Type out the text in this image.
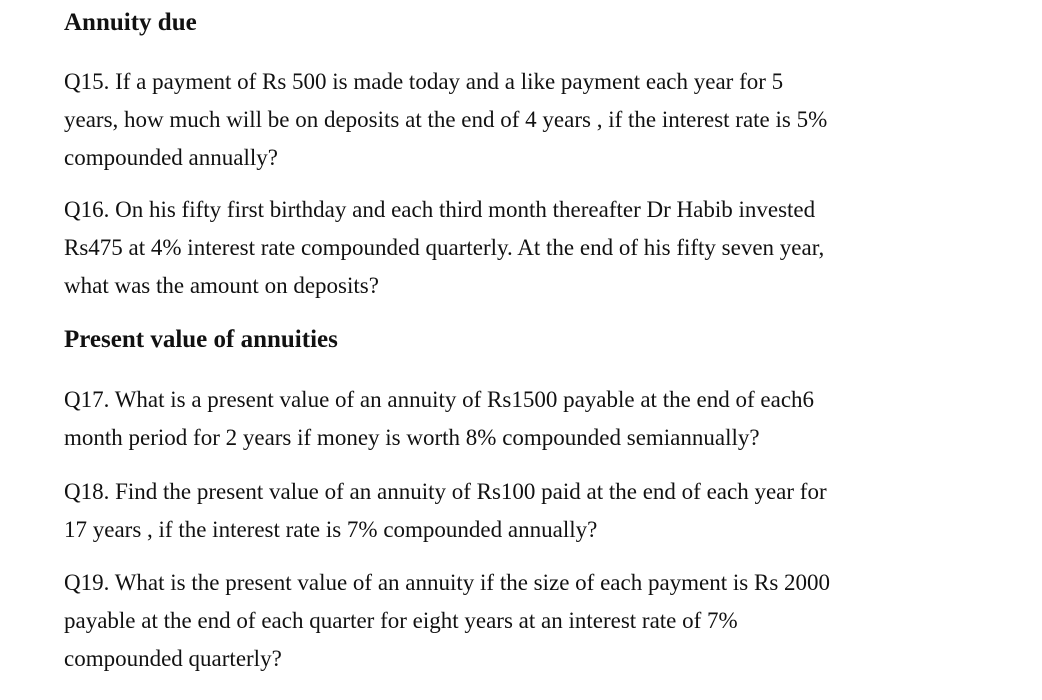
Annuity due

Q15. If a payment of Rs 500 is made today and a like payment each year for 5
years, how much will be on deposits at the end of 4 years , if the interest rate is 5%
compounded annually?

Q16. On his fifty first birthday and each third month thereafter Dr Habib invested
Rs475 at 4% interest rate compounded quarterly. At the end of his fifty seven year,
what was the amount on deposits?

Present value of annuities

Q17. What is a present value of an annuity of Rs1500 payable at the end of each6
month period for 2 years if money is worth 8% compounded semiannually?

Q18. Find the present value of an annuity of Rs100 paid at the end of each year for
17 years , if the interest rate is 7% compounded annually?

Q19. What is the present value of an annuity if the size of each payment is Rs 2000
payable at the end of each quarter for eight years at an interest rate of 7%
compounded quarterly?
